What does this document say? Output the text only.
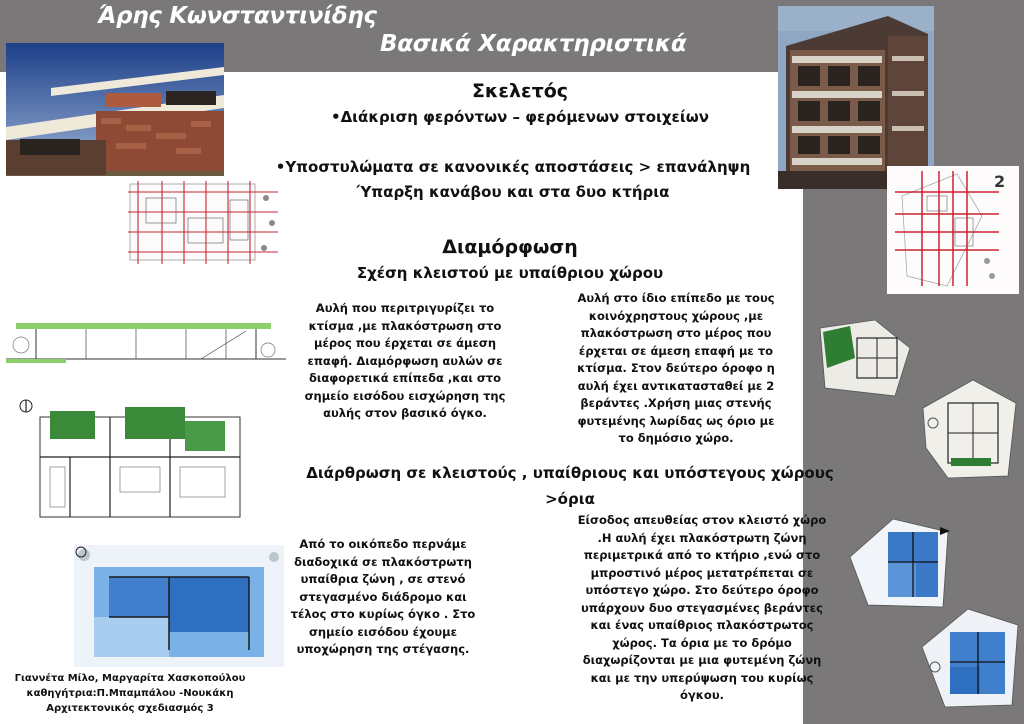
Άρης Κωνσταντινίδης
Βασικά Χαρακτηριστικά
Σκελετός
•Διάκριση φερόντων – φερόμενων στοιχείων
•Υποστυλώματα σε κανονικές αποστάσεις > επανάληψη
Ύπαρξη κανάβου και στα δυο κτήρια
2
Διαμόρφωση
Σχέση κλειστού με υπαίθριου χώρου
Αυλή που περιτριγυρίζει το κτίσμα ,με πλακόστρωση στο μέρος που έρχεται σε άμεση επαφή. Διαμόρφωση αυλών σε διαφορετικά επίπεδα ,και στο σημείο εισόδου εισχώρηση της αυλής στον βασικό όγκο.
Αυλή στο ίδιο επίπεδο με τους κοινόχρηστους χώρους ,με πλακόστρωση στο μέρος που έρχεται σε άμεση επαφή με το κτίσμα. Στον δεύτερο όροφο η αυλή έχει αντικατασταθεί με 2 βεράντες .Χρήση μιας στενής φυτεμένης λωρίδας ως όριο με το δημόσιο χώρο.
Διάρθρωση σε κλειστούς , υπαίθριους και υπόστεγους χώρους
>όρια
Από το οικόπεδο περνάμε διαδοχικά σε πλακόστρωτη υπαίθρια ζώνη , σε στενό στεγασμένο διάδρομο και τέλος στο κυρίως όγκο . Στο σημείο εισόδου έχουμε υποχώρηση της στέγασης.
Είσοδος απευθείας στον κλειστό χώρο .Η αυλή έχει πλακόστρωτη ζώνη περιμετρικά από το κτήριο ,ενώ στο μπροστινό μέρος μετατρέπεται σε υπόστεγο χώρο. Στο δεύτερο όροφο υπάρχουν δυο στεγασμένες βεράντες και ένας υπαίθριος πλακόστρωτος χώρος. Τα όρια με το δρόμο διαχωρίζονται με μια φυτεμένη ζώνη και με την υπερύψωση του κυρίως όγκου.
Γιαννέτα Μίλο, Μαργαρίτα Χασκοπούλου
καθηγήτρια:Π.Μπαμπάλου -Νουκάκη
Αρχιτεκτονικός σχεδιασμός 3
